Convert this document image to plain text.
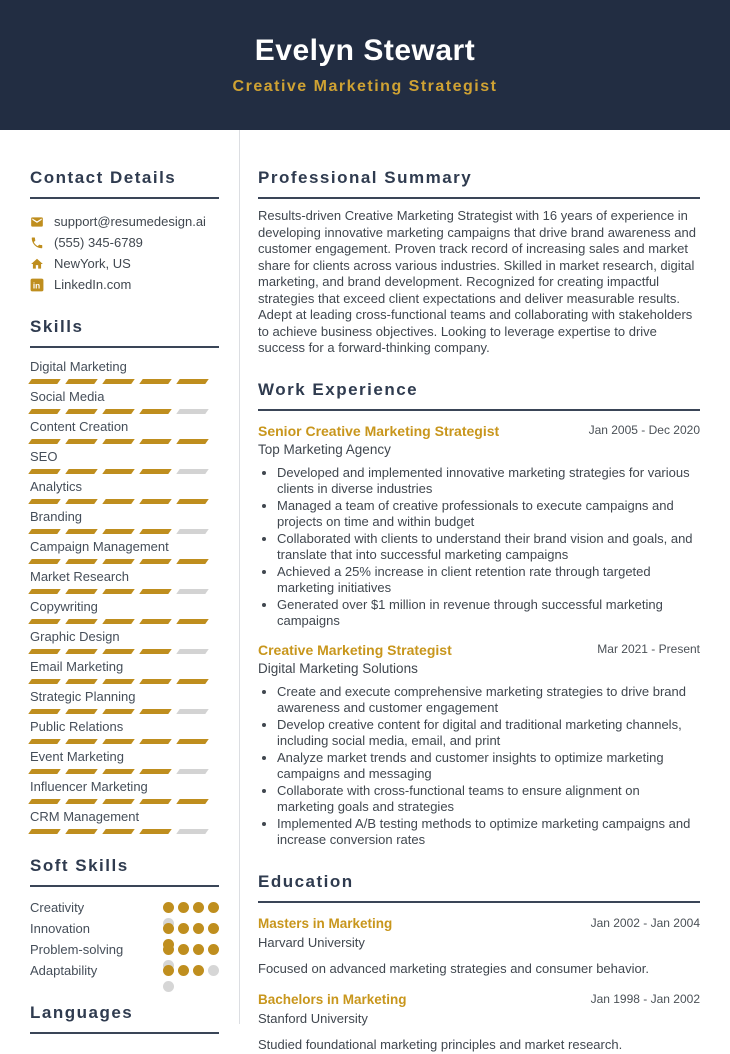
Evelyn Stewart
Creative Marketing Strategist
Contact Details
support@resumedesign.ai
(555) 345-6789
NewYork, US
in LinkedIn.com
Skills
Digital Marketing
Social Media
Content Creation
SEO
Analytics
Branding
Campaign Management
Market Research
Copywriting
Graphic Design
Email Marketing
Strategic Planning
Public Relations
Event Marketing
Influencer Marketing
CRM Management
Soft Skills
Creativity
Innovation
Problem-solving
Adaptability
Languages
Professional Summary

Results-driven Creative Marketing Strategist with 16 years of experience in developing innovative marketing campaigns that drive brand awareness and customer engagement. Proven track record of increasing sales and market share for clients across various industries. Skilled in market research, digital marketing, and brand development. Recognized for creating impactful strategies that exceed client expectations and deliver measurable results. Adept at leading cross-functional teams and collaborating with stakeholders to achieve business objectives. Looking to leverage expertise to drive success for a forward-thinking company.

Work Experience
Senior Creative Marketing Strategist	Jan 2005 - Dec 2020
Top Marketing Agency
• Developed and implemented innovative marketing strategies for various clients in diverse industries
• Managed a team of creative professionals to execute campaigns and projects on time and within budget
• Collaborated with clients to understand their brand vision and goals, and translate that into successful marketing campaigns
• Achieved a 25% increase in client retention rate through targeted marketing initiatives
• Generated over $1 million in revenue through successful marketing campaigns
Creative Marketing Strategist	Mar 2021 - Present
Digital Marketing Solutions
• Create and execute comprehensive marketing strategies to drive brand awareness and customer engagement
• Develop creative content for digital and traditional marketing channels, including social media, email, and print
• Analyze market trends and customer insights to optimize marketing campaigns and messaging
• Collaborate with cross-functional teams to ensure alignment on marketing goals and strategies
• Implemented A/B testing methods to optimize marketing campaigns and increase conversion rates
Education
Masters in Marketing	Jan 2002 - Jan 2004
Harvard University
Focused on advanced marketing strategies and consumer behavior.
Bachelors in Marketing	Jan 1998 - Jan 2002
Stanford University
Studied foundational marketing principles and market research.
